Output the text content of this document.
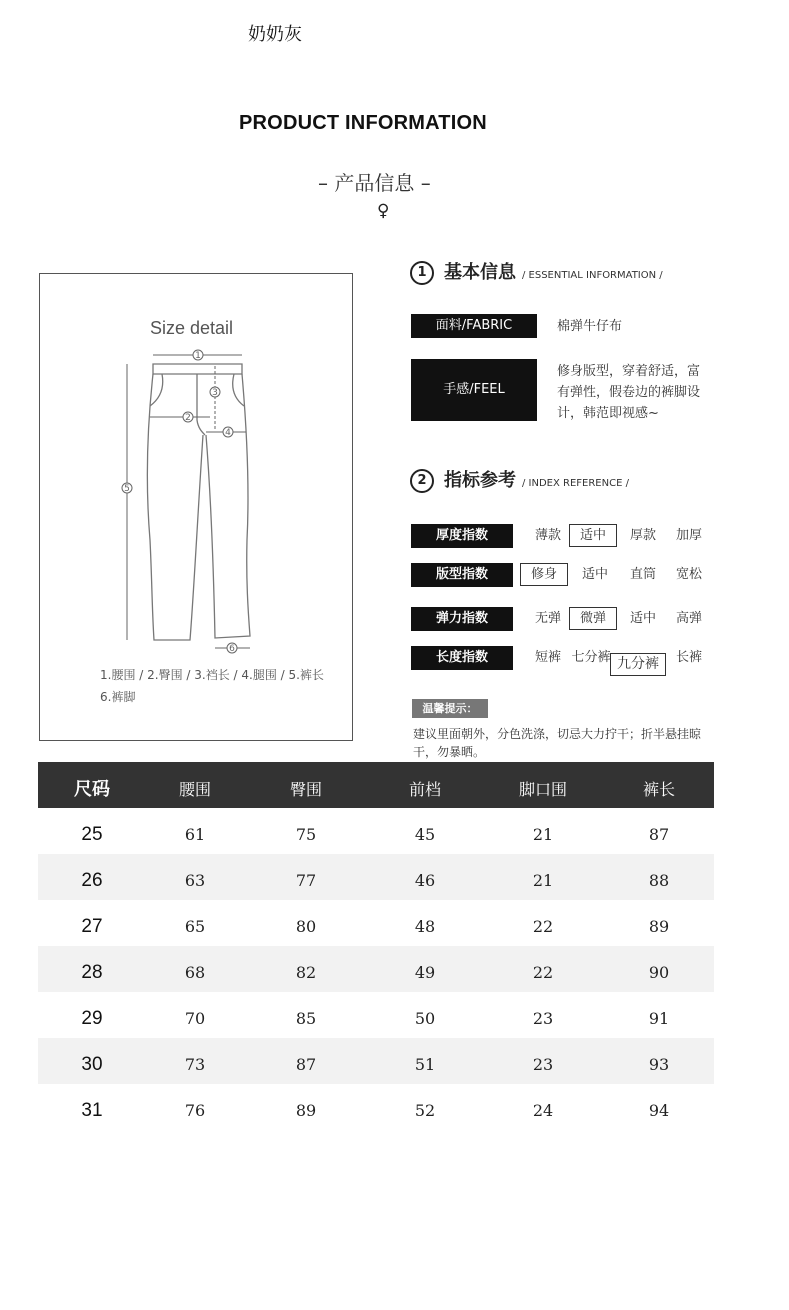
奶奶灰
PRODUCT INFORMATION
– 产品信息 –
♀
Size detail
1
2
3
4
5
6
1.腰围 / 2.臀围 / 3.裆长 / 4.腿围 / 5.裤长
6.裤脚
1 基本信息 / ESSENTIAL INFORMATION /
面料/FABRIC	棉弹牛仔布
手感/FEEL
修身版型，穿着舒适，富
有弹性，假卷边的裤脚设
计，韩范即视感~
2 指标参考 / INDEX REFERENCE /
厚度指数	薄款	适中	厚款	加厚
版型指数	修身	适中	直筒	宽松
弹力指数	无弹	微弹	适中	高弹
长度指数	短裤 七分裤 九分裤	长裤
温馨提示：
建议里面朝外，分色洗涤，切忌大力拧干；折半悬挂晾干，勿暴晒。
尺码	腰围	臀围	前档	脚口围	裤长
25	61	75	45	21	87
26	63	77	46	21	88
27	65	80	48	22	89
28	68	82	49	22	90
29	70	85	50	23	91
30	73	87	51	23	93
31	76	89	52	24	94
